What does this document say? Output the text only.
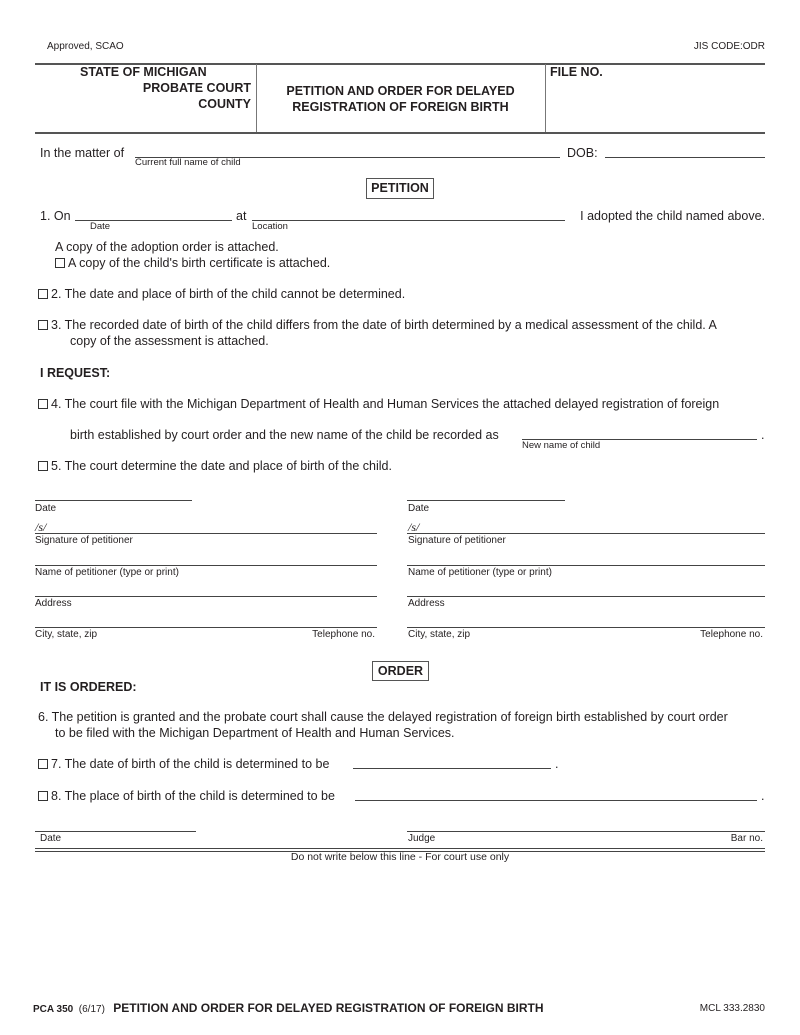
Approved, SCAO	JIS CODE:ODR
STATE OF MICHIGAN
PROBATE COURT
COUNTY
PETITION AND ORDER FOR DELAYED
REGISTRATION OF FOREIGN BIRTH
FILE NO.
In the matter of
Current full name of child
DOB:
PETITION
1. On
Date
at
Location
I adopted the child named above.
A copy of the adoption order is attached.
A copy of the child's birth certificate is attached.
2. The date and place of birth of the child cannot be determined.
3. The recorded date of birth of the child differs from the date of birth determined by a medical assessment of the child. A
copy of the assessment is attached.
I REQUEST:
4. The court file with the Michigan Department of Health and Human Services the attached delayed registration of foreign
birth established by court order and the new name of the child be recorded as
New name of child
.
5. The court determine the date and place of birth of the child.
Date
/s/
Signature of petitioner
Name of petitioner (type or print)
Address
City, state, zip	Telephone no.
Date
/s/
Signature of petitioner
Name of petitioner (type or print)
Address
City, state, zip	Telephone no.
ORDER
IT IS ORDERED:
6. The petition is granted and the probate court shall cause the delayed registration of foreign birth established by court order
to be filed with the Michigan Department of Health and Human Services.
7. The date of birth of the child is determined to be	.
8. The place of birth of the child is determined to be	.
Date	Judge	Bar no.
Do not write below this line - For court use only
PCA 350 (6/17) PETITION AND ORDER FOR DELAYED REGISTRATION OF FOREIGN BIRTH	MCL 333.2830
